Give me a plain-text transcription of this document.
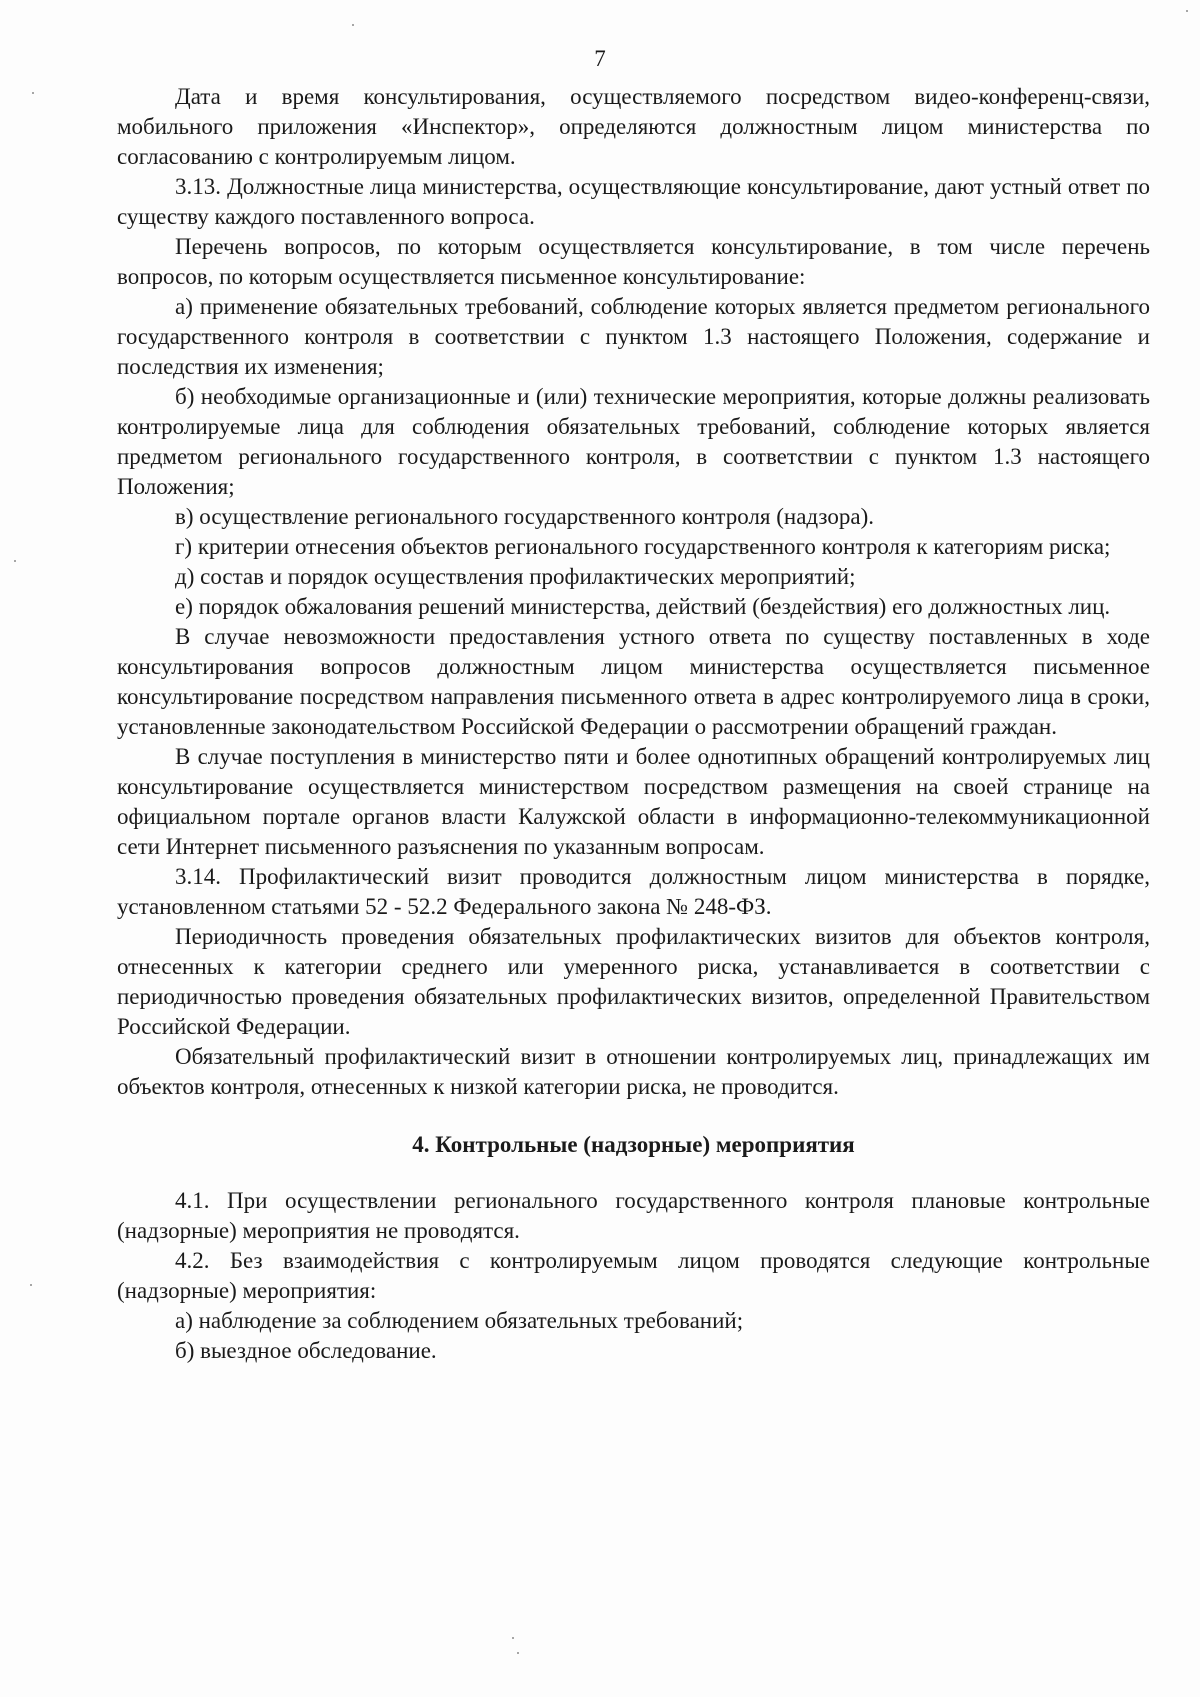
7

Дата и время консультирования, осуществляемого посредством видео-конференц-связи, мобильного приложения «Инспектор», определяются должностным лицом министерства по согласованию с контролируемым лицом.

3.13. Должностные лица министерства, осуществляющие консультирование, дают устный ответ по существу каждого поставленного вопроса.

Перечень вопросов, по которым осуществляется консультирование, в том числе перечень вопросов, по которым осуществляется письменное консультирование:

а) применение обязательных требований, соблюдение которых является предметом регионального государственного контроля в соответствии с пунктом 1.3 настоящего Положения, содержание и последствия их изменения;

б) необходимые организационные и (или) технические мероприятия, которые должны реализовать контролируемые лица для соблюдения обязательных требований, соблюдение которых является предметом регионального государственного контроля, в соответствии с пунктом 1.3 настоящего Положения;

в) осуществление регионального государственного контроля (надзора).

г) критерии отнесения объектов регионального государственного контроля к категориям риска;

д) состав и порядок осуществления профилактических мероприятий;

е) порядок обжалования решений министерства, действий (бездействия) его должностных лиц.

В случае невозможности предоставления устного ответа по существу поставленных в ходе консультирования вопросов должностным лицом министерства осуществляется письменное консультирование посредством направления письменного ответа в адрес контролируемого лица в сроки, установленные законодательством Российской Федерации о рассмотрении обращений граждан.

В случае поступления в министерство пяти и более однотипных обращений контролируемых лиц консультирование осуществляется министерством посредством размещения на своей странице на официальном портале органов власти Калужской области в информационно-телекоммуникационной сети Интернет письменного разъяснения по указанным вопросам.

3.14. Профилактический визит проводится должностным лицом министерства в порядке, установленном статьями 52 - 52.2 Федерального закона № 248-ФЗ.

Периодичность проведения обязательных профилактических визитов для объектов контроля, отнесенных к категории среднего или умеренного риска, устанавливается в соответствии с периодичностью проведения обязательных профилактических визитов, определенной Правительством Российской Федерации.

Обязательный профилактический визит в отношении контролируемых лиц, принадлежащих им объектов контроля, отнесенных к низкой категории риска, не проводится.

4. Контрольные (надзорные) мероприятия

4.1. При осуществлении регионального государственного контроля плановые контрольные (надзорные) мероприятия не проводятся.

4.2. Без взаимодействия с контролируемым лицом проводятся следующие контрольные (надзорные) мероприятия:

а) наблюдение за соблюдением обязательных требований;

б) выездное обследование.
